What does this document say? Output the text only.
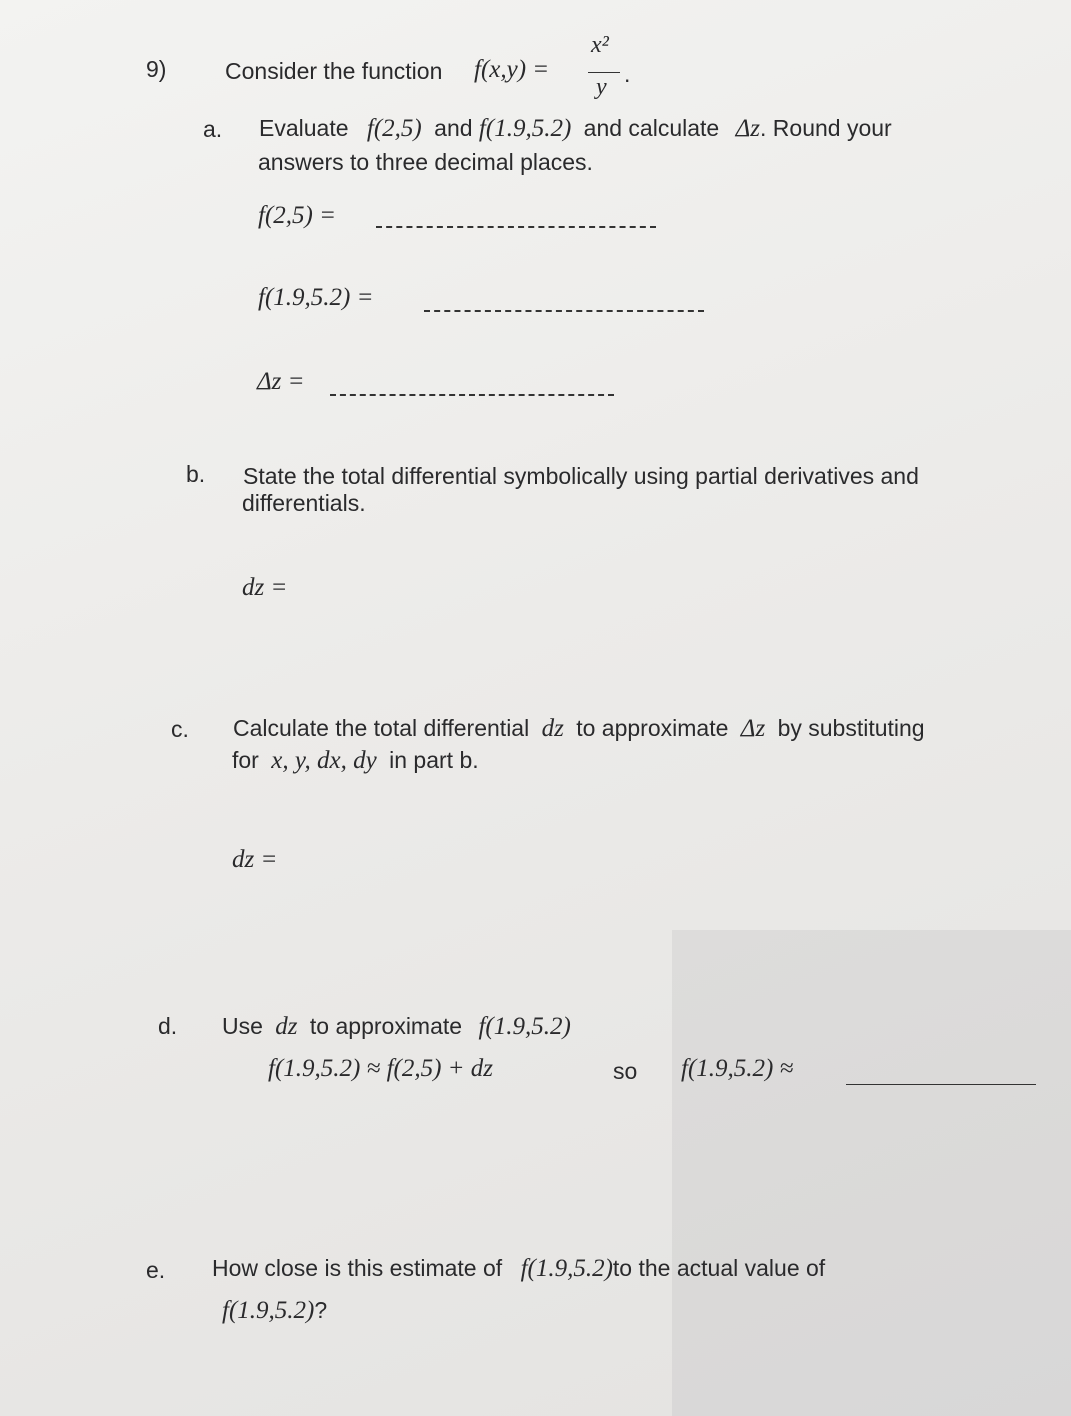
9)	Consider the function f(x,y) =
x²
y .
a. Evaluate f(2,5) and f(1.9,5.2) and calculate Δz. Round your
answers to three decimal places.
f(2,5) =
f(1.9,5.2) =
Δz =
b. State the total differential symbolically using partial derivatives and
differentials.
dz =
c. Calculate the total differential dz to approximate Δz by substituting
for x, y, dx, dy in part b.
dz =
d. Use dz to approximate f(1.9,5.2)
f(1.9,5.2) ≈ f(2,5) + dz	so f(1.9,5.2) ≈
e. How close is this estimate of f(1.9,5.2)to the actual value of
f(1.9,5.2)?
